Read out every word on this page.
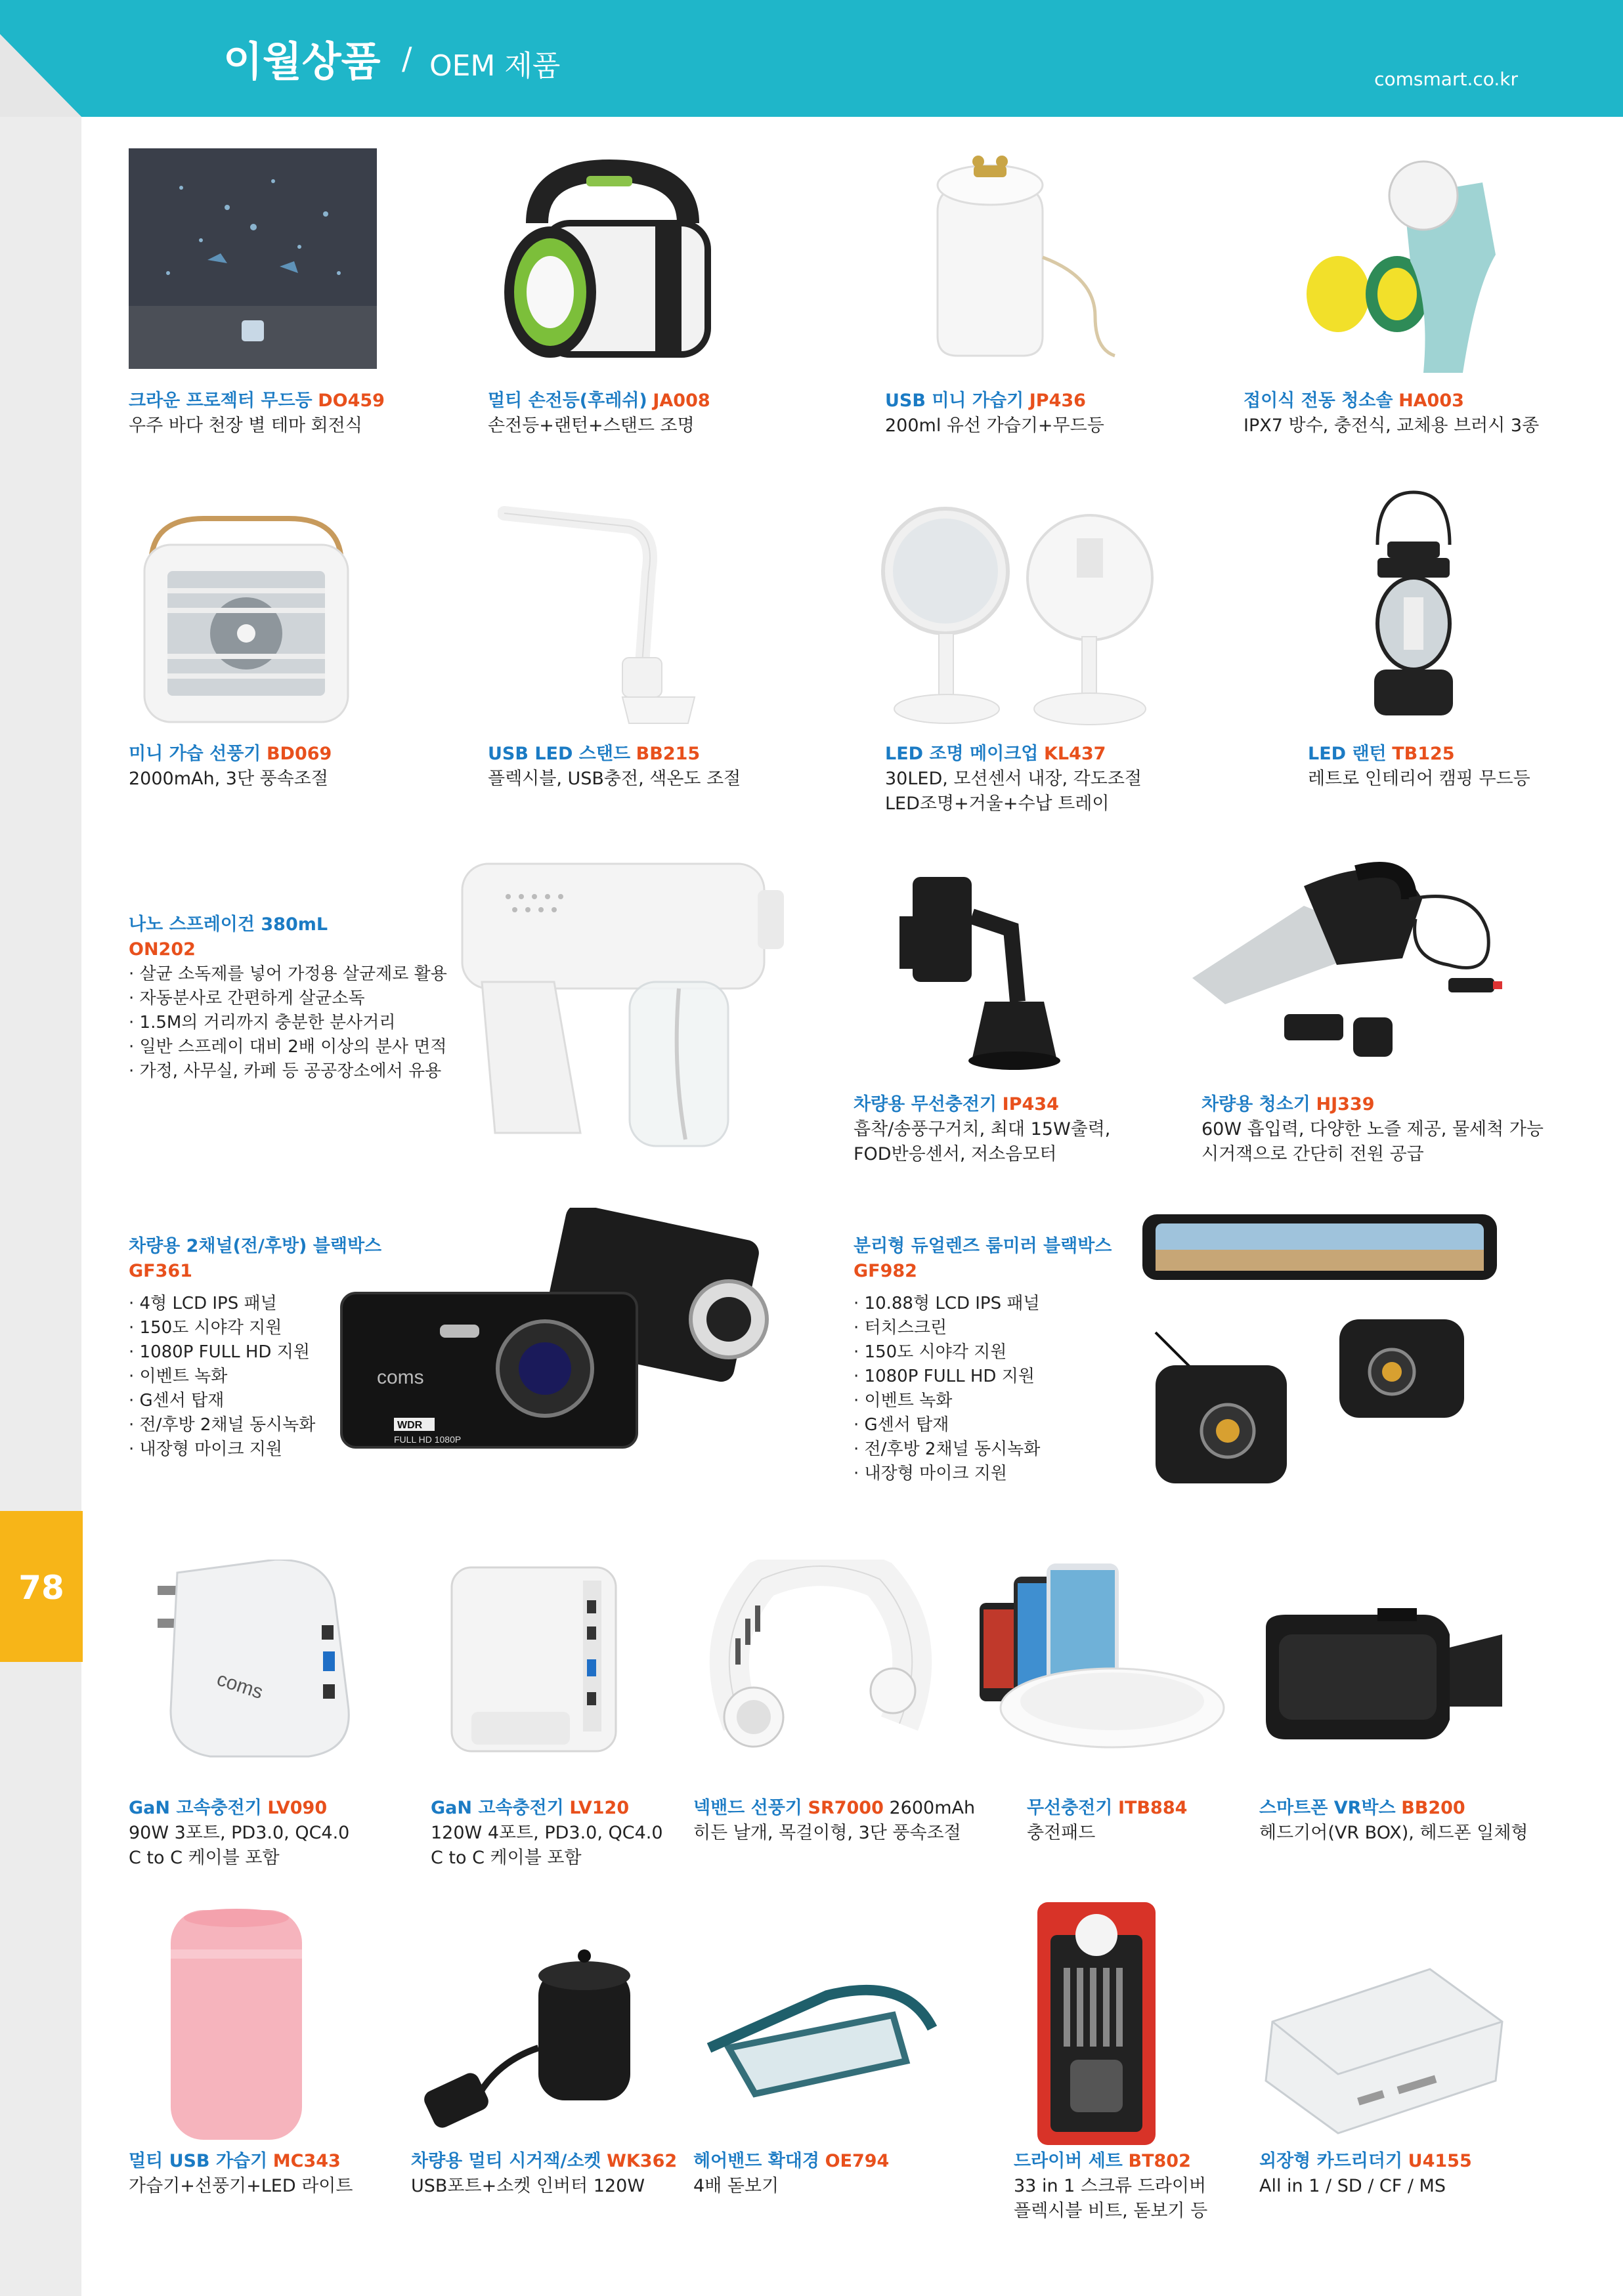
이월상품 / OEM 제품	comsmart.co.kr
78
크라운 프로젝터 무드등 DO459
우주 바다 천장 별 테마 회전식
멀티 손전등(후레쉬) JA008
손전등+랜턴+스탠드 조명
USB 미니 가습기 JP436
200ml 유선 가습기+무드등
접이식 전동 청소솔 HA003
IPX7 방수, 충전식, 교체용 브러시 3종
미니 가습 선풍기 BD069
2000mAh, 3단 풍속조절
USB LED 스탠드 BB215
플렉시블, USB충전, 색온도 조절
LED 조명 메이크업 KL437
30LED, 모션센서 내장, 각도조절
LED조명+거울+수납 트레이
LED 랜턴 TB125
레트로 인테리어 캠핑 무드등
나노 스프레이건 380mL
ON202
· 살균 소독제를 넣어 가정용 살균제로 활용
· 자동분사로 간편하게 살균소독
· 1.5M의 거리까지 충분한 분사거리
· 일반 스프레이 대비 2배 이상의 분사 면적
· 가정, 사무실, 카페 등 공공장소에서 유용
차량용 무선충전기 IP434
흡착/송풍구거치, 최대 15W출력,
FOD반응센서, 저소음모터
차량용 청소기 HJ339
60W 흡입력, 다양한 노즐 제공, 물세척 가능
시거잭으로 간단히 전원 공급
차량용 2채널(전/후방) 블랙박스
GF361
· 4형 LCD IPS 패널
· 150도 시야각 지원
· 1080P FULL HD 지원
· 이벤트 녹화
· G센서 탑재
· 전/후방 2채널 동시녹화
· 내장형 마이크 지원
coms
WDR
FULL HD 1080P
분리형 듀얼렌즈 룸미러 블랙박스
GF982
· 10.88형 LCD IPS 패널
· 터치스크린
· 150도 시야각 지원
· 1080P FULL HD 지원
· 이벤트 녹화
· G센서 탑재
· 전/후방 2채널 동시녹화
· 내장형 마이크 지원
coms
GaN 고속충전기 LV090
90W 3포트, PD3.0, QC4.0
C to C 케이블 포함
GaN 고속충전기 LV120
120W 4포트, PD3.0, QC4.0
C to C 케이블 포함
넥밴드 선풍기 SR7000 2600mAh
히든 날개, 목걸이형, 3단 풍속조절
무선충전기 ITB884
충전패드
스마트폰 VR박스 BB200
헤드기어(VR BOX), 헤드폰 일체형
멀티 USB 가습기 MC343
가습기+선풍기+LED 라이트
차량용 멀티 시거잭/소켓 WK362
USB포트+소켓 인버터 120W
헤어밴드 확대경 OE794
4배 돋보기
드라이버 세트 BT802
33 in 1 스크류 드라이버
플렉시블 비트, 돋보기 등
외장형 카드리더기 U4155
All in 1 / SD / CF / MS
